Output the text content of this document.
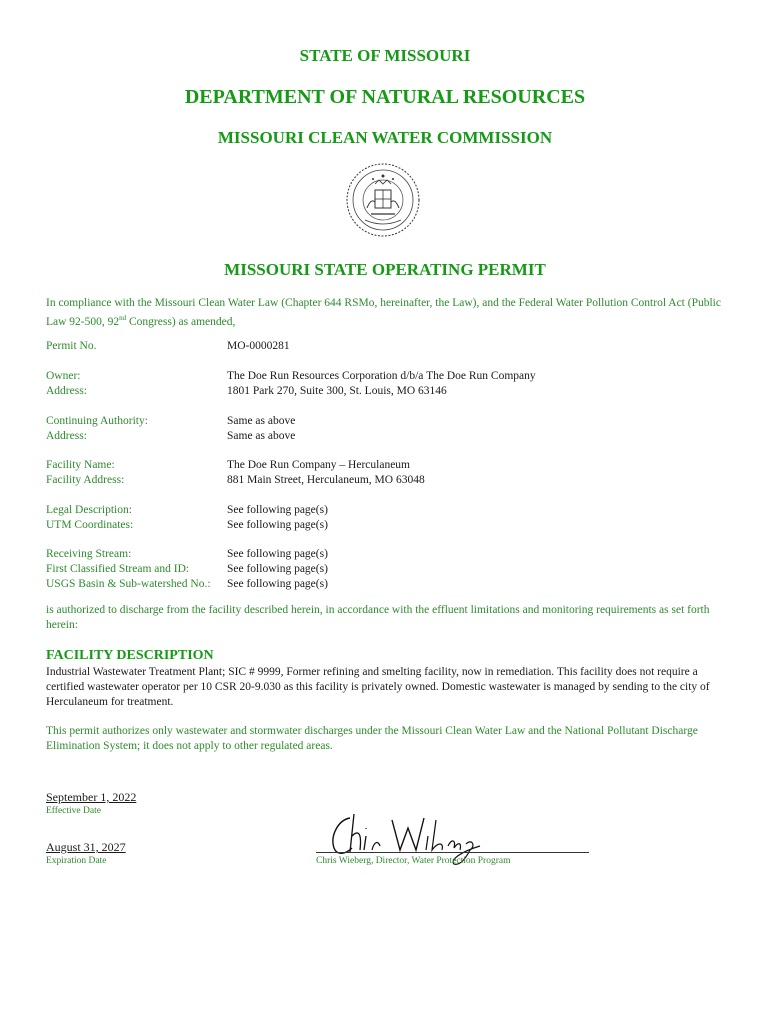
STATE OF MISSOURI
DEPARTMENT OF NATURAL RESOURCES
MISSOURI CLEAN WATER COMMISSION
MISSOURI STATE OPERATING PERMIT
In compliance with the Missouri Clean Water Law (Chapter 644 RSMo, hereinafter, the Law), and the Federal Water Pollution Control Act (Public Law 92-500, 92nd Congress) as amended,
Permit No.	MO-0000281
Owner:	The Doe Run Resources Corporation d/b/a The Doe Run Company
Address:	1801 Park 270, Suite 300, St. Louis, MO 63146
Continuing Authority:	Same as above
Address:	Same as above
Facility Name:	The Doe Run Company – Herculaneum
Facility Address:	881 Main Street, Herculaneum, MO 63048
Legal Description:	See following page(s)
UTM Coordinates:	See following page(s)
Receiving Stream:	See following page(s)
First Classified Stream and ID:	See following page(s)
USGS Basin & Sub-watershed No.:	See following page(s)
is authorized to discharge from the facility described herein, in accordance with the effluent limitations and monitoring requirements as set forth herein:
FACILITY DESCRIPTION
Industrial Wastewater Treatment Plant; SIC # 9999, Former refining and smelting facility, now in remediation. This facility does not require a certified wastewater operator per 10 CSR 20-9.030 as this facility is privately owned. Domestic wastewater is managed by sending to the city of Herculaneum for treatment.
This permit authorizes only wastewater and stormwater discharges under the Missouri Clean Water Law and the National Pollutant Discharge Elimination System; it does not apply to other regulated areas.
September 1, 2022
Effective Date
August 31, 2027
Expiration Date	Chris Wieberg, Director, Water Protection Program
